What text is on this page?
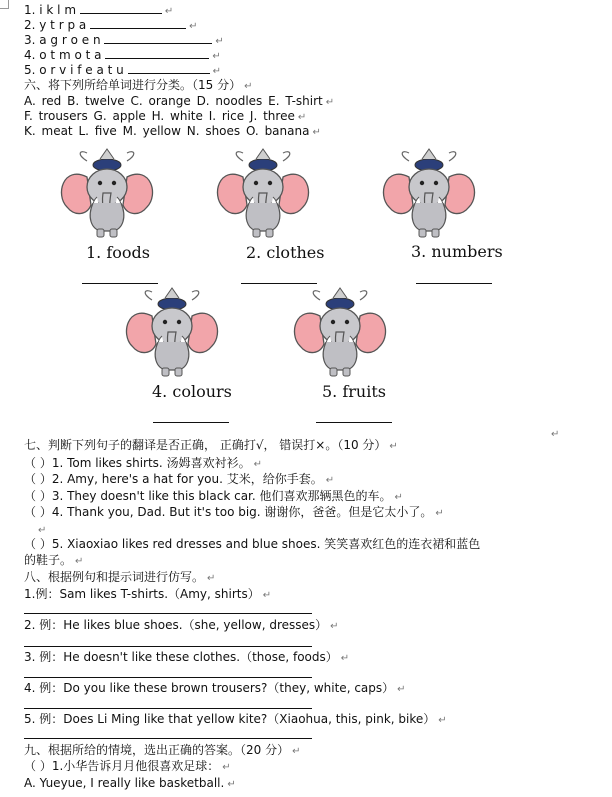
1. i k l m	↵
2. y t r p a	↵
3. a g r o e n	↵
4. o t m o t a	↵
5. o r v i f e a t u	↵
六、将下列所给单词进行分类。（15 分） ↵
A. red B. twelve C. orange D. noodles E. T-shirt ↵
F. trousers G. apple H. white I. rice J. three ↵
K. meat L. five M. yellow N. shoes O. banana ↵
1. foods	2. clothes	3. numbers
4. colours	5. fruits
↵
七、判断下列句子的翻译是否正确， 正确打√， 错误打×。（10 分） ↵
（ ）1. Tom likes shirts. 汤姆喜欢衬衫。 ↵
（ ）2. Amy, here's a hat for you. 艾米，给你手套。 ↵
（ ）3. They doesn't like this black car. 他们喜欢那辆黑色的车。 ↵
（ ）4. Thank you, Dad. But it's too big. 谢谢你，爸爸。但是它太小了。 ↵
↵
（ ）5. Xiaoxiao likes red dresses and blue shoes. 笑笑喜欢红色的连衣裙和蓝色
的鞋子。 ↵
八、根据例句和提示词进行仿写。 ↵
1.例：Sam likes T-shirts.（Amy, shirts） ↵
2. 例：He likes blue shoes.（she, yellow, dresses） ↵
3. 例：He doesn't like these clothes.（those, foods） ↵
4. 例：Do you like these brown trousers?（they, white, caps） ↵
5. 例：Does Li Ming like that yellow kite?（Xiaohua, this, pink, bike） ↵
九、根据所给的情境，选出正确的答案。（20 分） ↵
（ ）1.小华告诉月月他很喜欢足球： ↵
A. Yueyue, I really like basketball. ↵
